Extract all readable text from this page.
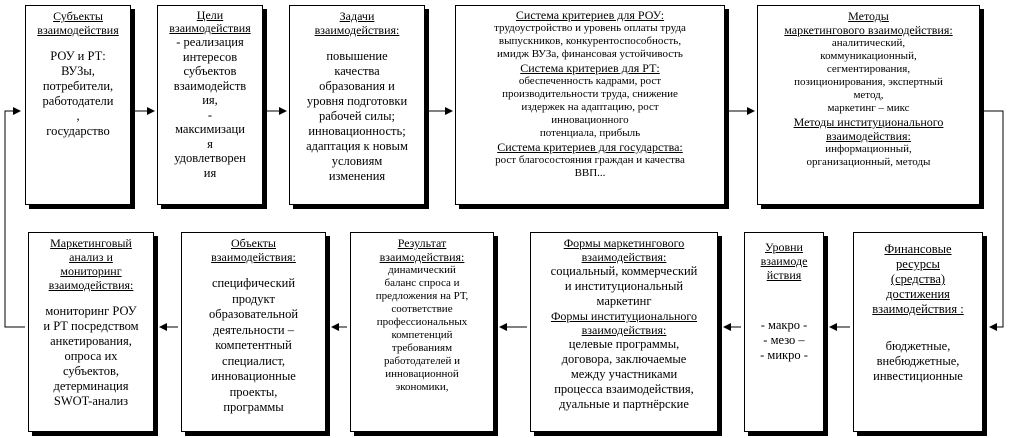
Субъекты
взаимодействия

РОУ и РТ:
ВУЗы,
потребители,
работодатели
,
государство

Цели
взаимодействия

- реализация
интересов
субъектов
взаимодейств
ия,
-
максимизаци
я
удовлетворен
ия

Задачи
взаимодействия:

повышение
качества
образования и
уровня подготовки
рабочей силы;
инновационность;
адаптация к новым
условиям
изменения

Система критериев для РОУ:

трудоустройство и уровень оплаты труда
выпускников, конкурентоспособность,
имидж ВУЗа, финансовая устойчивость

Система критериев для РТ:

обеспеченность кадрами, рост
производительности труда, снижение
издержек на адаптацию, рост
инновационного
потенциала, прибыль

Система критериев для государства:

рост благосостояния граждан и качества
ВВП...

Методы
маркетингового взаимодействия:

аналитический,
коммуникационный,
сегментирования,
позиционирования, экспертный
метод,
маркетинг – микс

Методы институционального
взаимодействия:

информационный,
организационный, методы

Маркетинговый
анализ и
мониторинг
взаимодействия:

мониторинг РОУ
и РТ посредством
анкетирования,
опроса их
субъектов,
детерминация
SWOT-анализ

Объекты
взаимодействия:

специфический
продукт
образовательной
деятельности –
компетентный
специалист,
инновационные
проекты,
программы

Результат
взаимодействия:

динамический
баланс спроса и
предложения на РТ,
соответствие
профессиональных
компетенций
требованиям
работодателей и
инновационной
экономики,

Формы маркетингового
взаимодействия:

социальный, коммерческий
и институциональный
маркетинг

Формы институционального
взаимодействия:

целевые программы,
договора, заключаемые
между участниками
процесса взаимодействия,
дуальные и партнёрские

Уровни
взаимоде
йствия

- макро -
- мезо –
- микро -

Финансовые
ресурсы
(средства)
достижения
взаимодействия :

бюджетные,
внебюджетные,
инвестиционные
